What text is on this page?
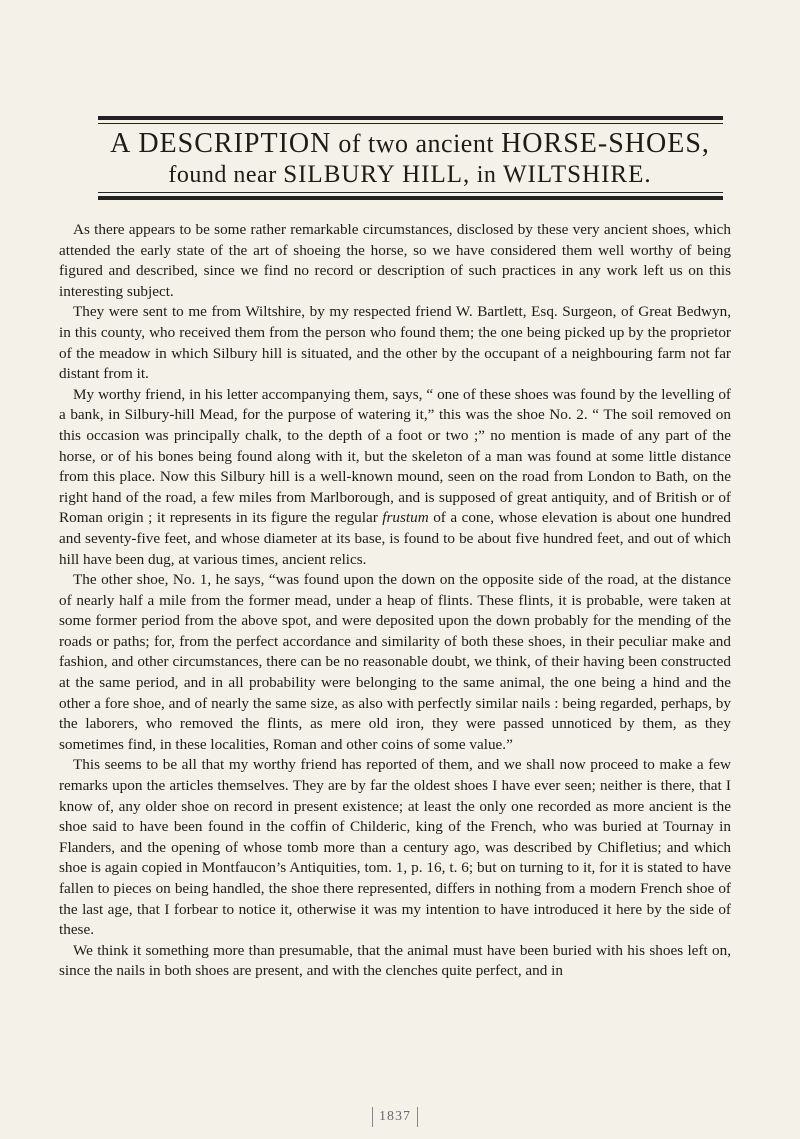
A DESCRIPTION of two ancient HORSE-SHOES,
found near SILBURY HILL, in WILTSHIRE.

As there appears to be some rather remarkable circumstances, disclosed by these very ancient shoes, which attended the early state of the art of shoeing the horse, so we have considered them well worthy of being figured and described, since we find no record or description of such practices in any work left us on this interesting subject.

They were sent to me from Wiltshire, by my respected friend W. Bartlett, Esq. Surgeon, of Great Bedwyn, in this county, who received them from the person who found them; the one being picked up by the proprietor of the meadow in which Silbury hill is situated, and the other by the occupant of a neighbouring farm not far distant from it.

My worthy friend, in his letter accompanying them, says, “ one of these shoes was found by the levelling of a bank, in Silbury-hill Mead, for the purpose of watering it,” this was the shoe No. 2. “ The soil removed on this occasion was principally chalk, to the depth of a foot or two ;” no mention is made of any part of the horse, or of his bones being found along with it, but the skeleton of a man was found at some little distance from this place. Now this Silbury hill is a well-known mound, seen on the road from London to Bath, on the right hand of the road, a few miles from Marlborough, and is supposed of great antiquity, and of British or of Roman origin ; it represents in its figure the regular frustum of a cone, whose elevation is about one hundred and seventy-five feet, and whose diameter at its base, is found to be about five hundred feet, and out of which hill have been dug, at various times, ancient relics.

The other shoe, No. 1, he says, “was found upon the down on the opposite side of the road, at the distance of nearly half a mile from the former mead, under a heap of flints. These flints, it is probable, were taken at some former period from the above spot, and were deposited upon the down probably for the mending of the roads or paths; for, from the perfect accordance and similarity of both these shoes, in their peculiar make and fashion, and other circumstances, there can be no reasonable doubt, we think, of their having been constructed at the same period, and in all probability were belonging to the same animal, the one being a hind and the other a fore shoe, and of nearly the same size, as also with perfectly similar nails : being regarded, perhaps, by the laborers, who removed the flints, as mere old iron, they were passed unnoticed by them, as they sometimes find, in these localities, Roman and other coins of some value.”

This seems to be all that my worthy friend has reported of them, and we shall now proceed to make a few remarks upon the articles themselves. They are by far the oldest shoes I have ever seen; neither is there, that I know of, any older shoe on record in present existence; at least the only one recorded as more ancient is the shoe said to have been found in the coffin of Childeric, king of the French, who was buried at Tournay in Flanders, and the opening of whose tomb more than a century ago, was described by Chifletius; and which shoe is again copied in Montfaucon’s Antiquities, tom. 1, p. 16, t. 6; but on turning to it, for it is stated to have fallen to pieces on being handled, the shoe there represented, differs in nothing from a modern French shoe of the last age, that I forbear to notice it, otherwise it was my intention to have introduced it here by the side of these.

We think it something more than presumable, that the animal must have been buried with his shoes left on, since the nails in both shoes are present, and with the clenches quite perfect, and in

1837
